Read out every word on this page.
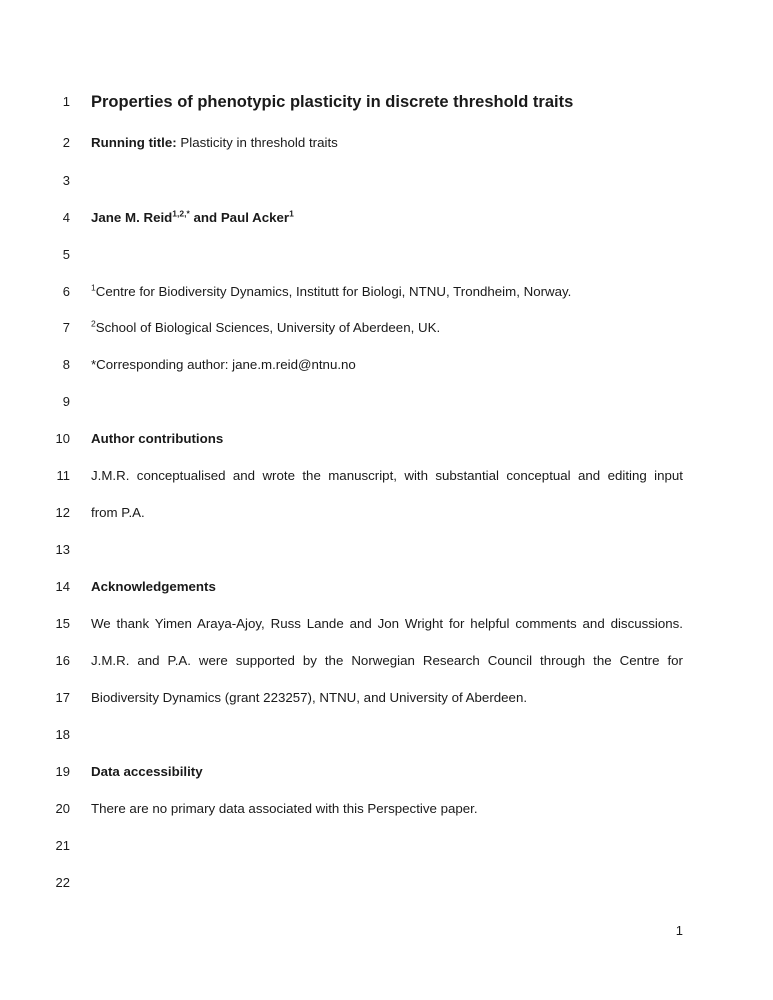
1 Properties of phenotypic plasticity in discrete threshold traits
2 Running title: Plasticity in threshold traits
3
4 Jane M. Reid$^{1,2,*}$ and Paul Acker$^1$
5
6 $^1$Centre for Biodiversity Dynamics, Institutt for Biologi, NTNU, Trondheim, Norway.
7 $^2$School of Biological Sciences, University of Aberdeen, UK.
8 *Corresponding author: jane.m.reid@ntnu.no
9
10 Author contributions
11 J.M.R. conceptualised and wrote the manuscript, with substantial conceptual and editing input
12 from P.A.
13
14 Acknowledgements
15 We thank Yimen Araya-Ajoy, Russ Lande and Jon Wright for helpful comments and discussions.
16 J.M.R. and P.A. were supported by the Norwegian Research Council through the Centre for
17 Biodiversity Dynamics (grant 223257), NTNU, and University of Aberdeen.
18
19 Data accessibility
20 There are no primary data associated with this Perspective paper.
21
22
1
